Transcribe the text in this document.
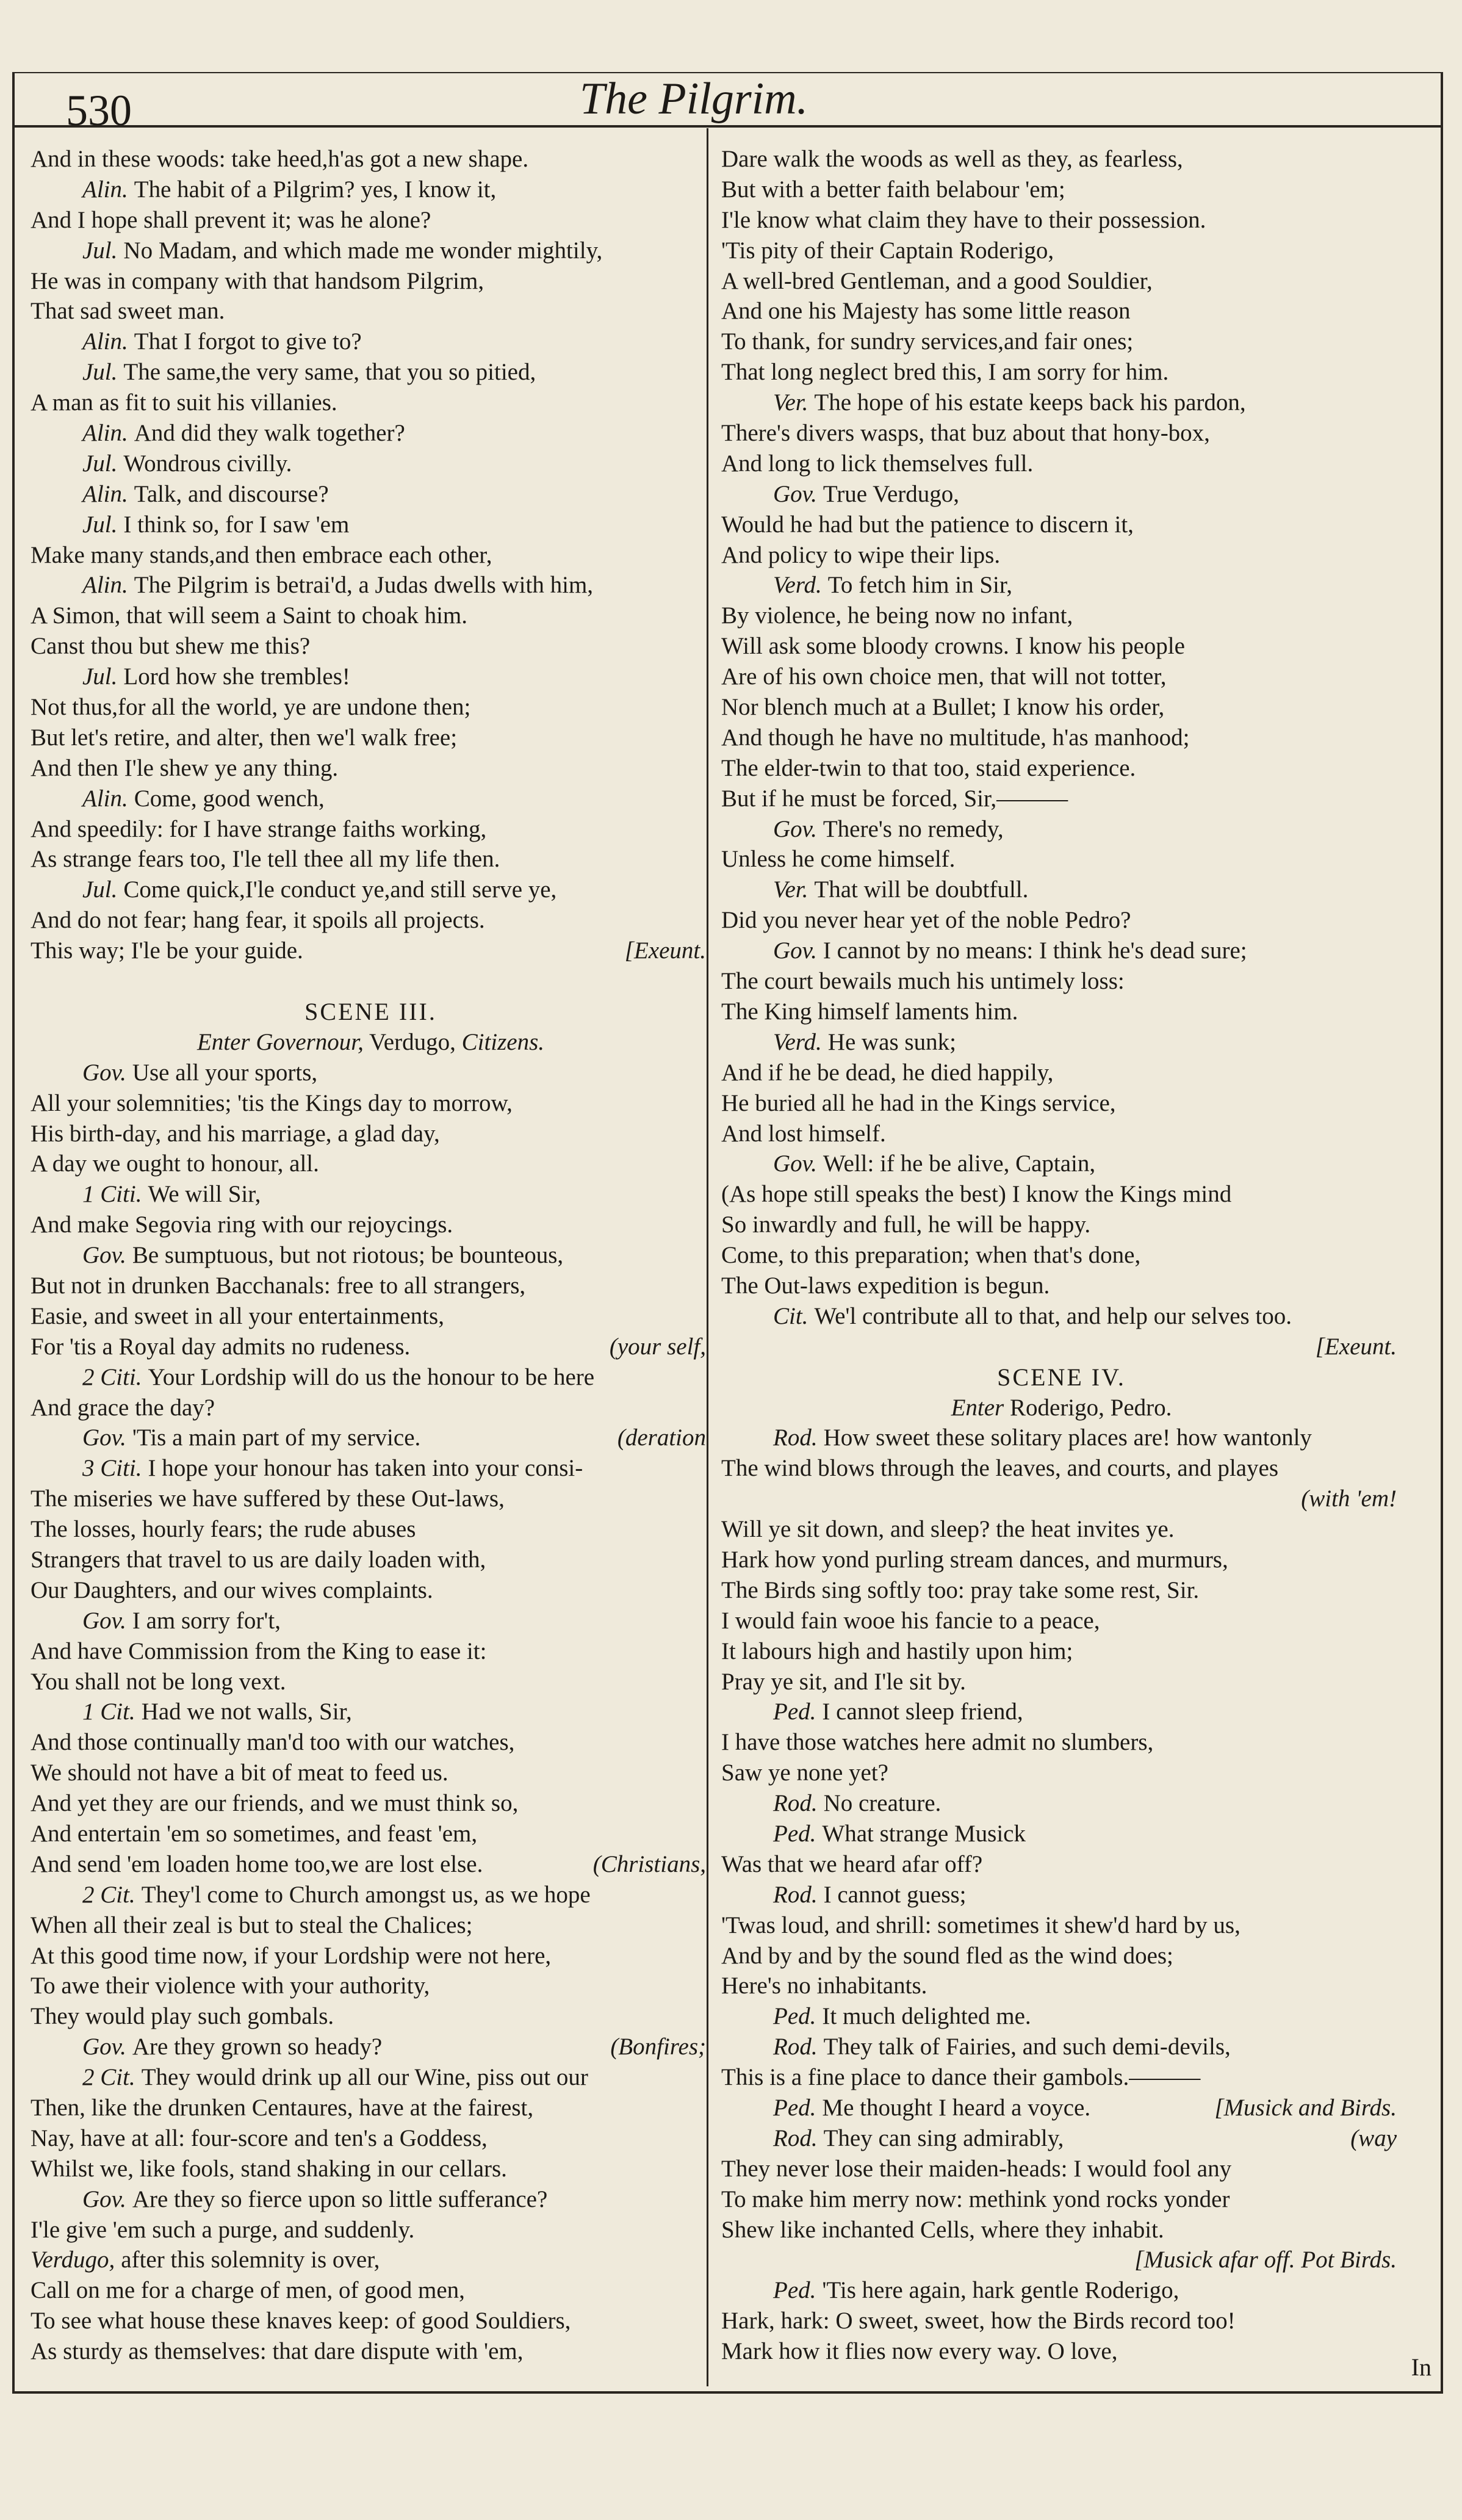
530	The Pilgrim.
And in these woods: take heed,h'as got a new shape.
Alin. The habit of a Pilgrim? yes, I know it,
And I hope shall prevent it; was he alone?
Jul. No Madam, and which made me wonder mightily,
He was in company with that handsom Pilgrim,
That sad sweet man.
Alin. That I forgot to give to?
Jul. The same,the very same, that you so pitied,
A man as fit to suit his villanies.
Alin. And did they walk together?
Jul. Wondrous civilly.
Alin. Talk, and discourse?
Jul. I think so, for I saw 'em
Make many stands,and then embrace each other,
Alin. The Pilgrim is betrai'd, a Judas dwells with him,
A Simon, that will seem a Saint to choak him.
Canst thou but shew me this?
Jul. Lord how she trembles!
Not thus,for all the world, ye are undone then;
But let's retire, and alter, then we'l walk free;
And then I'le shew ye any thing.
Alin. Come, good wench,
And speedily: for I have strange faiths working,
As strange fears too, I'le tell thee all my life then.
Jul. Come quick,I'le conduct ye,and still serve ye,
And do not fear; hang fear, it spoils all projects.
This way; I'le be your guide.	[Exeunt.
SCENE III.
Enter Governour, Verdugo, Citizens.
Gov. Use all your sports,
All your solemnities; 'tis the Kings day to morrow,
His birth-day, and his marriage, a glad day,
A day we ought to honour, all.
1 Citi. We will Sir,
And make Segovia ring with our rejoycings.
Gov. Be sumptuous, but not riotous; be bounteous,
But not in drunken Bacchanals: free to all strangers,
Easie, and sweet in all your entertainments,
For 'tis a Royal day admits no rudeness.	(your self,
2 Citi. Your Lordship will do us the honour to be here
And grace the day?
Gov. 'Tis a main part of my service.	(deration
3 Citi. I hope your honour has taken into your consi-
The miseries we have suffered by these Out-laws,
The losses, hourly fears; the rude abuses
Strangers that travel to us are daily loaden with,
Our Daughters, and our wives complaints.
Gov. I am sorry for't,
And have Commission from the King to ease it:
You shall not be long vext.
1 Cit. Had we not walls, Sir,
And those continually man'd too with our watches,
We should not have a bit of meat to feed us.
And yet they are our friends, and we must think so,
And entertain 'em so sometimes, and feast 'em,
And send 'em loaden home too,we are lost else.	(Christians,
2 Cit. They'l come to Church amongst us, as we hope
When all their zeal is but to steal the Chalices;
At this good time now, if your Lordship were not here,
To awe their violence with your authority,
They would play such gombals.
Gov. Are they grown so heady?	(Bonfires;
2 Cit. They would drink up all our Wine, piss out our
Then, like the drunken Centaures, have at the fairest,
Nay, have at all: four-score and ten's a Goddess,
Whilst we, like fools, stand shaking in our cellars.
Gov. Are they so fierce upon so little sufferance?
I'le give 'em such a purge, and suddenly.
Verdugo, after this solemnity is over,
Call on me for a charge of men, of good men,
To see what house these knaves keep: of good Souldiers,
As sturdy as themselves: that dare dispute with 'em,
Dare walk the woods as well as they, as fearless,
But with a better faith belabour 'em;
I'le know what claim they have to their possession.
'Tis pity of their Captain Roderigo,
A well-bred Gentleman, and a good Souldier,
And one his Majesty has some little reason
To thank, for sundry services,and fair ones;
That long neglect bred this, I am sorry for him.
Ver. The hope of his estate keeps back his pardon,
There's divers wasps, that buz about that hony-box,
And long to lick themselves full.
Gov. True Verdugo,
Would he had but the patience to discern it,
And policy to wipe their lips.
Verd. To fetch him in Sir,
By violence, he being now no infant,
Will ask some bloody crowns. I know his people
Are of his own choice men, that will not totter,
Nor blench much at a Bullet; I know his order,
And though he have no multitude, h'as manhood;
The elder-twin to that too, staid experience.
But if he must be forced, Sir,———
Gov. There's no remedy,
Unless he come himself.
Ver. That will be doubtfull.
Did you never hear yet of the noble Pedro?
Gov. I cannot by no means: I think he's dead sure;
The court bewails much his untimely loss:
The King himself laments him.
Verd. He was sunk;
And if he be dead, he died happily,
He buried all he had in the Kings service,
And lost himself.
Gov. Well: if he be alive, Captain,
(As hope still speaks the best) I know the Kings mind
So inwardly and full, he will be happy.
Come, to this preparation; when that's done,
The Out-laws expedition is begun.
Cit. We'l contribute all to that, and help our selves too.
[Exeunt.
SCENE IV.
Enter Roderigo, Pedro.
Rod. How sweet these solitary places are! how wantonly
The wind blows through the leaves, and courts, and playes
(with 'em!
Will ye sit down, and sleep? the heat invites ye.
Hark how yond purling stream dances, and murmurs,
The Birds sing softly too: pray take some rest, Sir.
I would fain wooe his fancie to a peace,
It labours high and hastily upon him;
Pray ye sit, and I'le sit by.
Ped. I cannot sleep friend,
I have those watches here admit no slumbers,
Saw ye none yet?
Rod. No creature.
Ped. What strange Musick
Was that we heard afar off?
Rod. I cannot guess;
'Twas loud, and shrill: sometimes it shew'd hard by us,
And by and by the sound fled as the wind does;
Here's no inhabitants.
Ped. It much delighted me.
Rod. They talk of Fairies, and such demi-devils,
This is a fine place to dance their gambols.———
Ped. Me thought I heard a voyce.	[Musick and Birds.
Rod. They can sing admirably,	(way
They never lose their maiden-heads: I would fool any
To make him merry now: methink yond rocks yonder
Shew like inchanted Cells, where they inhabit.
[Musick afar off. Pot Birds.
Ped. 'Tis here again, hark gentle Roderigo,
Hark, hark: O sweet, sweet, how the Birds record too!
Mark how it flies now every way. O love,
In
